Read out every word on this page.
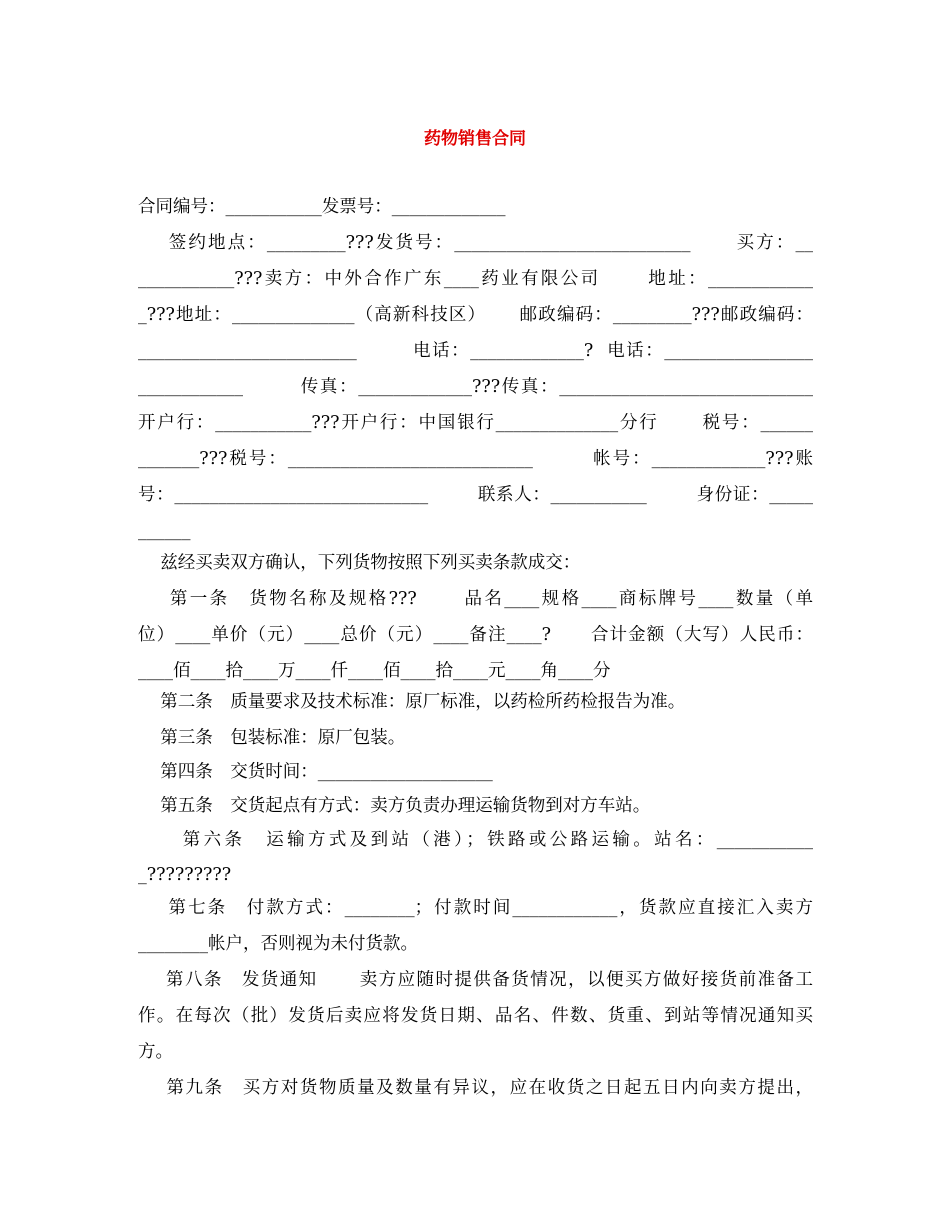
药物销售合同
合同编号：___________发票号：_____________
签约地点：_________???发货号：___________________________      买方：__
___________???卖方：中外合作广东____药业有限公司      地址：____________
_???地址：______________（高新科技区）     邮政编码：_________???邮政编码：
_________________________        电话：_____________?  电话：_________________
____________        传真：_____________???传真：_____________________________
开户行：___________???开户行：中国银行______________分行      税号：______
_______???税号：____________________________        帐号：_____________???账
号：_____________________________        联系人：___________        身份证：_____
______
兹经买卖双方确认，下列货物按照下列买卖条款成交：
第一条　货物名称及规格???      品名____规格____商标牌号____数量（单
位）____单价（元）____总价（元）____备注____?      合计金额（大写）人民币：
____佰____拾____万____仟____佰____拾____元____角____分
第二条　质量要求及技术标准：原厂标准，以药检所药检报告为准。
第三条　包装标准：原厂包装。
第四条　交货时间：____________________
第五条　交货起点有方式：卖方负责办理运输货物到对方车站。
第六条　运输方式及到站（港）；铁路或公路运输。站名：___________
_?????????
第七条　付款方式：________；付款时间____________，货款应直接汇入卖方
________帐户，否则视为未付货款。
第八条　发货通知      卖方应随时提供备货情况，以便买方做好接货前准备工
作。在每次（批）发货后卖应将发货日期、品名、件数、货重、到站等情况通知买
方。
第九条　买方对货物质量及数量有异议，应在收货之日起五日内向卖方提出，
